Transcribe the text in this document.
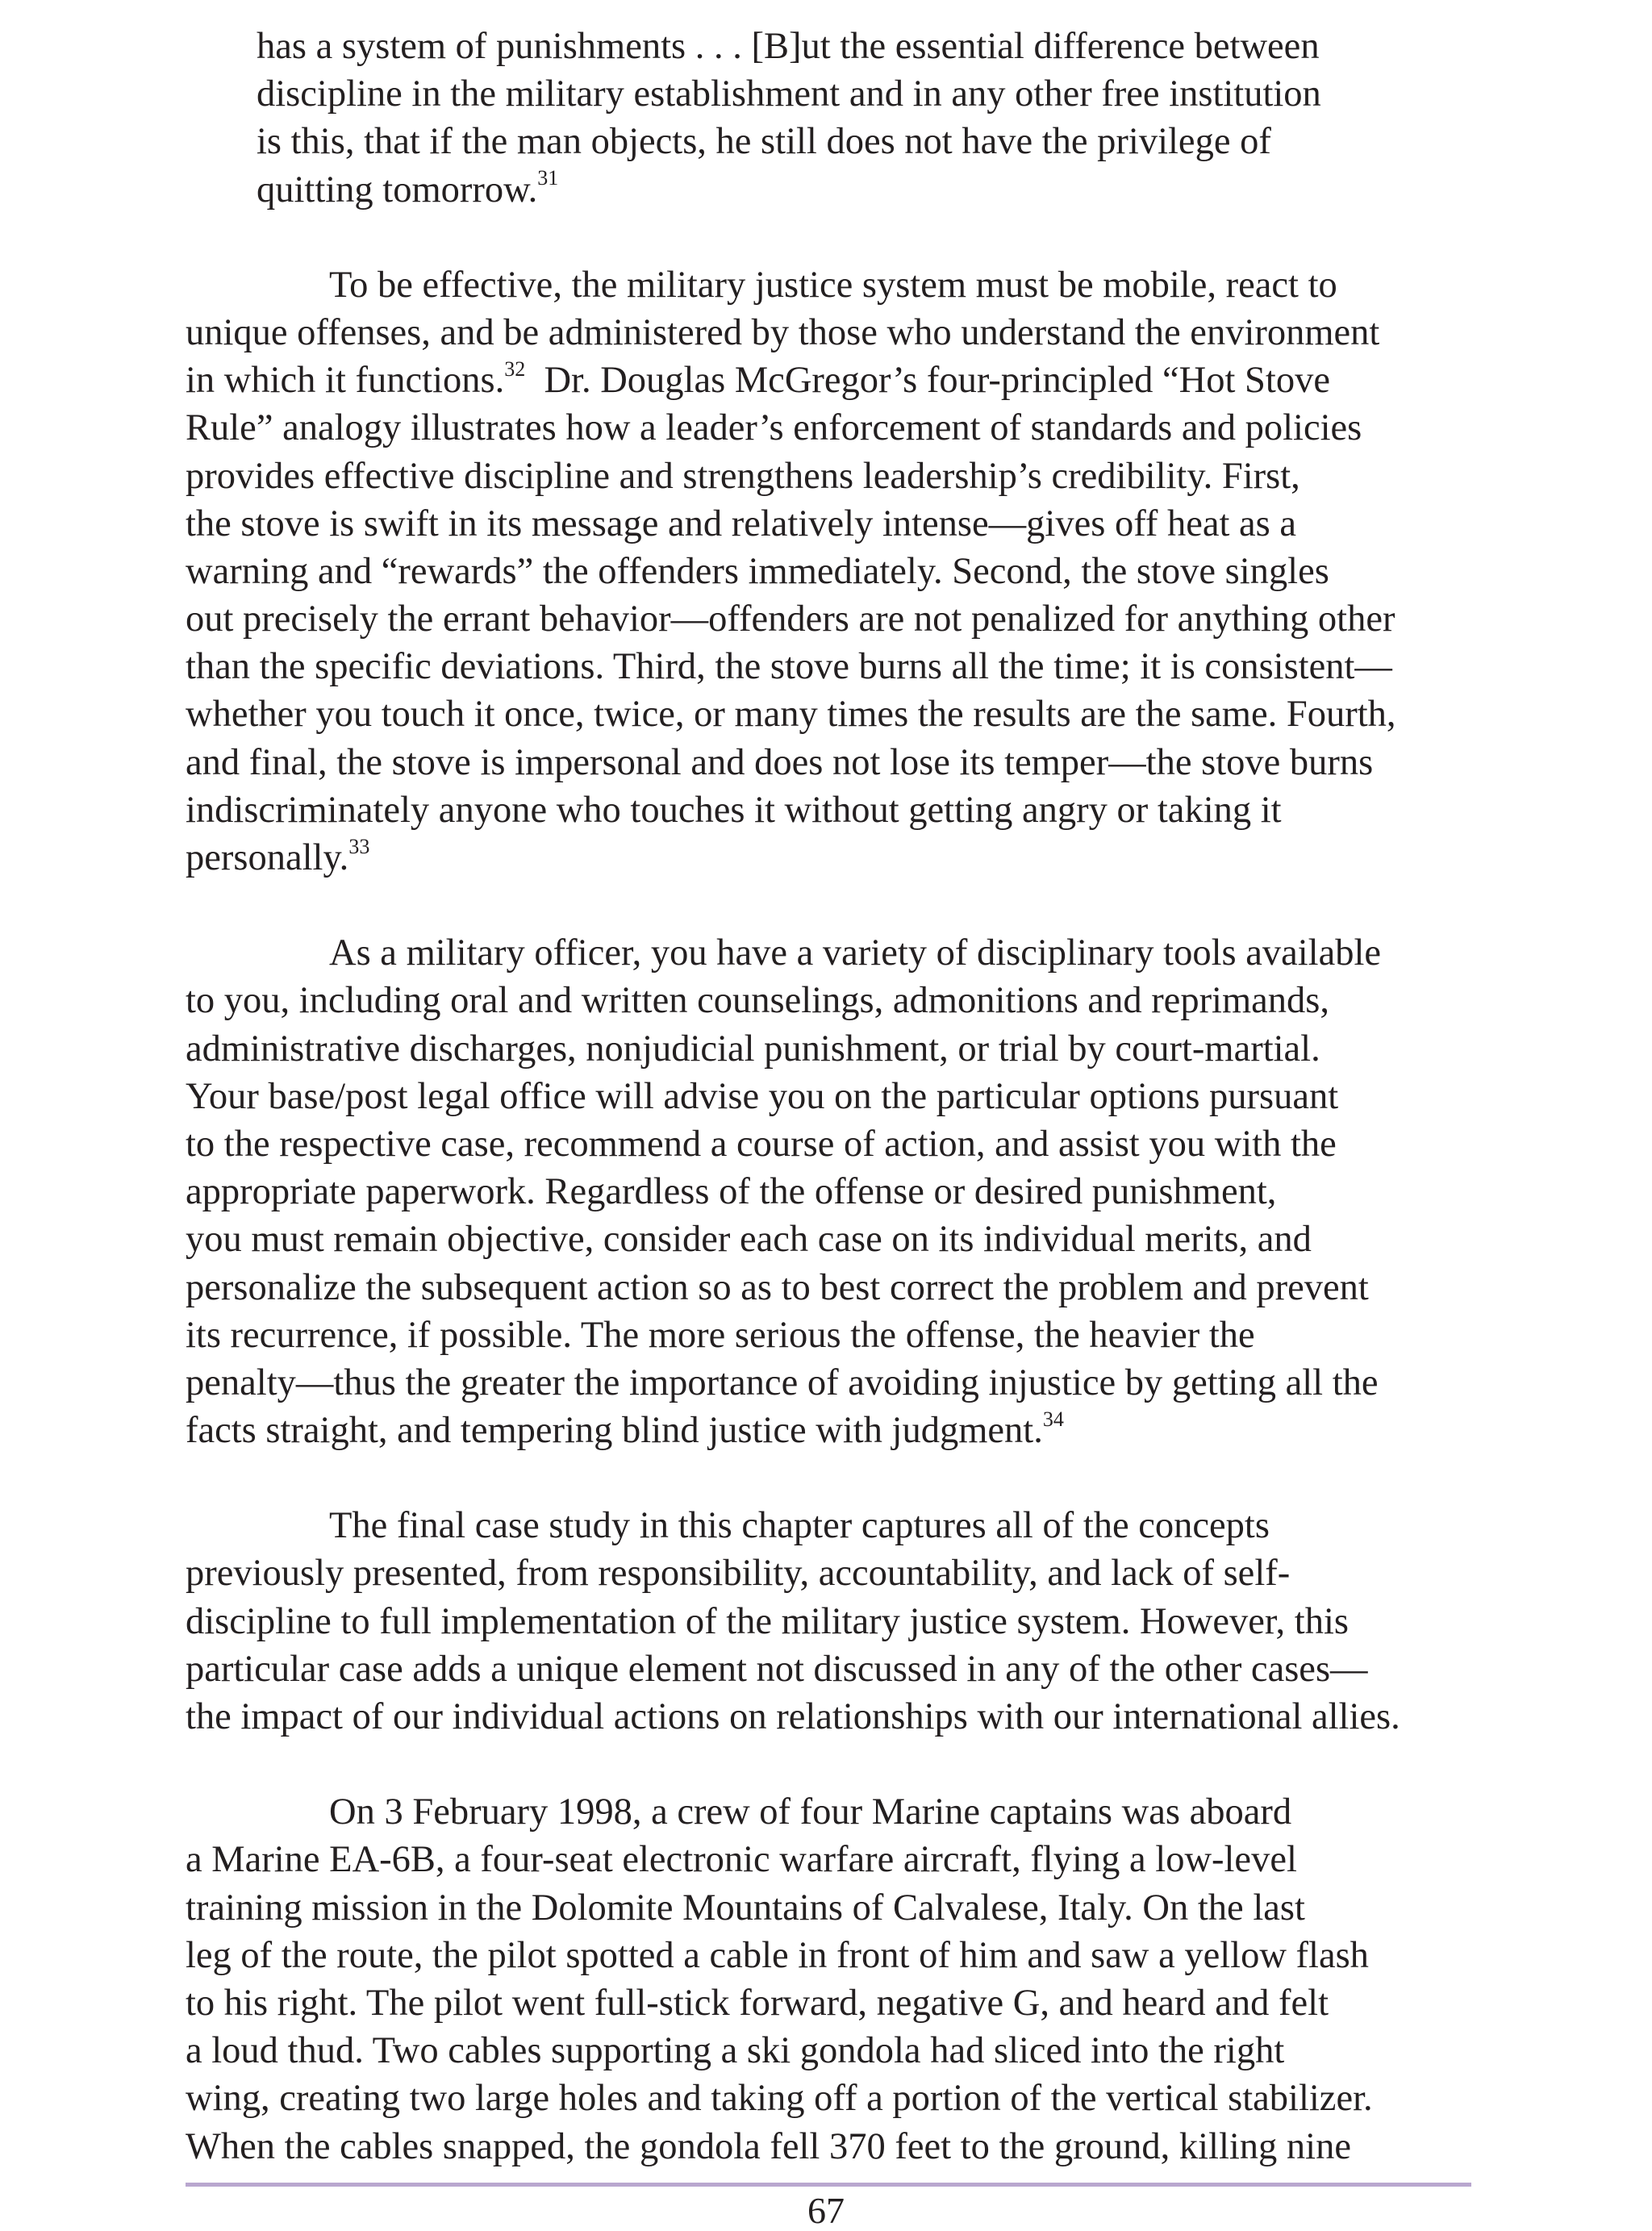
has a system of punishments . . . [B]ut the essential difference between
discipline in the military establishment and in any other free institution
is this, that if the man objects, he still does not have the privilege of
quitting tomorrow.$^{31}$
To be effective, the military justice system must be mobile, react to
unique offenses, and be administered by those who understand the environment
in which it functions.$^{32}$  Dr. Douglas McGregor’s four-principled “Hot Stove
Rule” analogy illustrates how a leader’s enforcement of standards and policies
provides effective discipline and strengthens leadership’s credibility. First,
the stove is swift in its message and relatively intense—gives off heat as a
warning and “rewards” the offenders immediately. Second, the stove singles
out precisely the errant behavior—offenders are not penalized for anything other
than the specific deviations. Third, the stove burns all the time; it is consistent—
whether you touch it once, twice, or many times the results are the same. Fourth,
and final, the stove is impersonal and does not lose its temper—the stove burns
indiscriminately anyone who touches it without getting angry or taking it
personally.$^{33}$
As a military officer, you have a variety of disciplinary tools available
to you, including oral and written counselings, admonitions and reprimands,
administrative discharges, nonjudicial punishment, or trial by court-martial.
Your base/post legal office will advise you on the particular options pursuant
to the respective case, recommend a course of action, and assist you with the
appropriate paperwork. Regardless of the offense or desired punishment,
you must remain objective, consider each case on its individual merits, and
personalize the subsequent action so as to best correct the problem and prevent
its recurrence, if possible. The more serious the offense, the heavier the
penalty—thus the greater the importance of avoiding injustice by getting all the
facts straight, and tempering blind justice with judgment.$^{34}$
The final case study in this chapter captures all of the concepts
previously presented, from responsibility, accountability, and lack of self-
discipline to full implementation of the military justice system. However, this
particular case adds a unique element not discussed in any of the other cases—
the impact of our individual actions on relationships with our international allies.
On 3 February 1998, a crew of four Marine captains was aboard
a Marine EA-6B, a four-seat electronic warfare aircraft, flying a low-level
training mission in the Dolomite Mountains of Calvalese, Italy. On the last
leg of the route, the pilot spotted a cable in front of him and saw a yellow flash
to his right. The pilot went full-stick forward, negative G, and heard and felt
a loud thud. Two cables supporting a ski gondola had sliced into the right
wing, creating two large holes and taking off a portion of the vertical stabilizer.
When the cables snapped, the gondola fell 370 feet to the ground, killing nine
67
